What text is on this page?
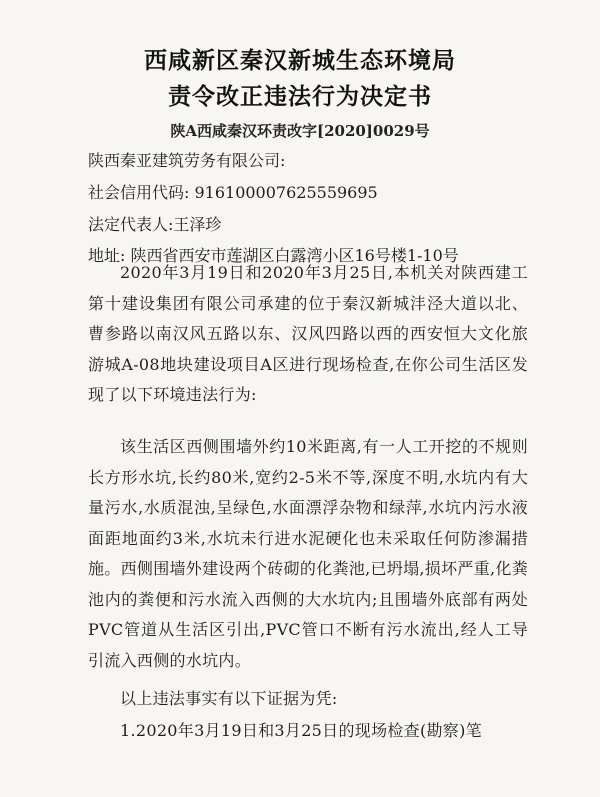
西咸新区秦汉新城生态环境局
责令改正违法行为决定书
陕A西咸秦汉环责改字[2020]0029号
陕西秦亚建筑劳务有限公司:
社会信用代码: 916100007625559695
法定代表人:王泽珍
地址: 陕西省西安市莲湖区白露湾小区16号楼1-10号
2020年3月19日和2020年3月25日,本机关对陕西建工第十建设集团有限公司承建的位于秦汉新城沣泾大道以北、曹参路以南汉风五路以东、汉风四路以西的西安恒大文化旅游城A-08地块建设项目A区进行现场检查,在你公司生活区发现了以下环境违法行为:
该生活区西侧围墙外约10米距离,有一人工开挖的不规则长方形水坑,长约80米,宽约2-5米不等,深度不明,水坑内有大量污水,水质混浊,呈绿色,水面漂浮杂物和绿萍,水坑内污水液面距地面约3米,水坑未行进水泥硬化也未采取任何防渗漏措施。西侧围墙外建设两个砖砌的化粪池,已坍塌,损坏严重,化粪池内的粪便和污水流入西侧的大水坑内;且围墙外底部有两处PVC管道从生活区引出,PVC管口不断有污水流出,经人工导引流入西侧的水坑内。
以上违法事实有以下证据为凭:
1.2020年3月19日和3月25日的现场检查(勘察)笔
